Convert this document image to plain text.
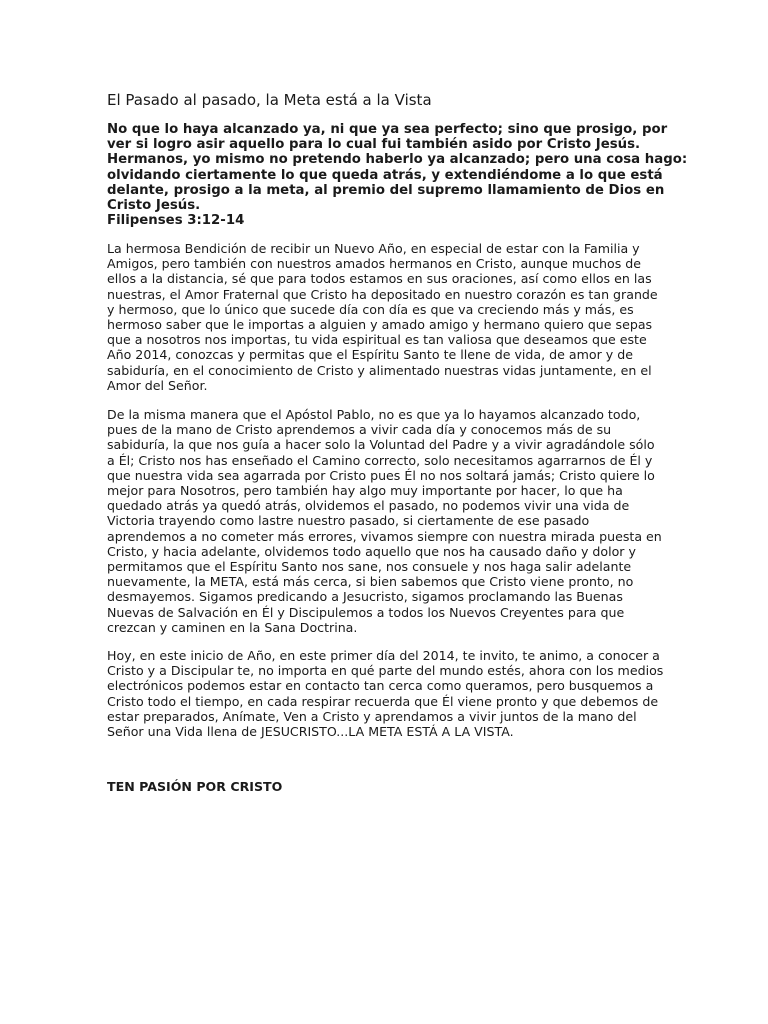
El Pasado al pasado, la Meta está a la Vista

No que lo haya alcanzado ya, ni que ya sea perfecto; sino que prosigo, por
ver si logro asir aquello para lo cual fui también asido por Cristo Jesús.
Hermanos, yo mismo no pretendo haberlo ya alcanzado; pero una cosa hago:
olvidando ciertamente lo que queda atrás, y extendiéndome a lo que está
delante, prosigo a la meta, al premio del supremo llamamiento de Dios en
Cristo Jesús.
Filipenses 3:12-14

La hermosa Bendición de recibir un Nuevo Año, en especial de estar con la Familia y
Amigos, pero también con nuestros amados hermanos en Cristo, aunque muchos de
ellos a la distancia, sé que para todos estamos en sus oraciones, así como ellos en las
nuestras, el Amor Fraternal que Cristo ha depositado en nuestro corazón es tan grande
y hermoso, que lo único que sucede día con día es que va creciendo más y más, es
hermoso saber que le importas a alguien y amado amigo y hermano quiero que sepas
que a nosotros nos importas, tu vida espiritual es tan valiosa que deseamos que este
Año 2014, conozcas y permitas que el Espíritu Santo te llene de vida, de amor y de
sabiduría, en el conocimiento de Cristo y alimentado nuestras vidas juntamente, en el
Amor del Señor.

De la misma manera que el Apóstol Pablo, no es que ya lo hayamos alcanzado todo,
pues de la mano de Cristo aprendemos a vivir cada día y conocemos más de su
sabiduría, la que nos guía a hacer solo la Voluntad del Padre y a vivir agradándole sólo
a Él; Cristo nos has enseñado el Camino correcto, solo necesitamos agarrarnos de Él y
que nuestra vida sea agarrada por Cristo pues Él no nos soltará jamás; Cristo quiere lo
mejor para Nosotros, pero también hay algo muy importante por hacer, lo que ha
quedado atrás ya quedó atrás, olvidemos el pasado, no podemos vivir una vida de
Victoria trayendo como lastre nuestro pasado, si ciertamente de ese pasado
aprendemos a no cometer más errores, vivamos siempre con nuestra mirada puesta en
Cristo, y hacia adelante, olvidemos todo aquello que nos ha causado daño y dolor y
permitamos que el Espíritu Santo nos sane, nos consuele y nos haga salir adelante
nuevamente, la META, está más cerca, si bien sabemos que Cristo viene pronto, no
desmayemos. Sigamos predicando a Jesucristo, sigamos proclamando las Buenas
Nuevas de Salvación en Él y Discipulemos a todos los Nuevos Creyentes para que
crezcan y caminen en la Sana Doctrina.

Hoy, en este inicio de Año, en este primer día del 2014, te invito, te animo, a conocer a
Cristo y a Discipular te, no importa en qué parte del mundo estés, ahora con los medios
electrónicos podemos estar en contacto tan cerca como queramos, pero busquemos a
Cristo todo el tiempo, en cada respirar recuerda que Él viene pronto y que debemos de
estar preparados, Anímate, Ven a Cristo y aprendamos a vivir juntos de la mano del
Señor una Vida llena de JESUCRISTO...LA META ESTÁ A LA VISTA.

TEN PASIÓN POR CRISTO
